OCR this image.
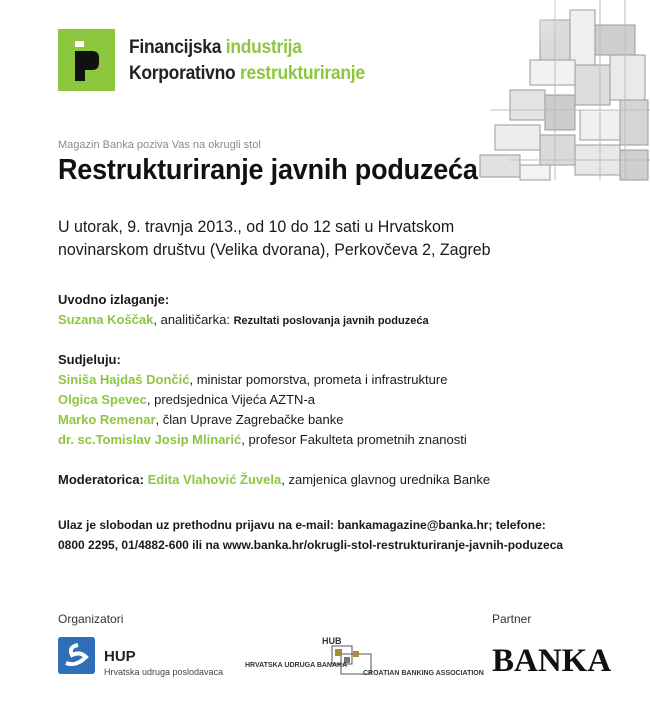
Financijska industrija
Korporativno restrukturiranje
Magazin Banka poziva Vas na okrugli stol
Restrukturiranje javnih poduzeća
U utorak, 9. travnja 2013., od 10 do 12 sati u Hrvatskom novinarskom društvu (Velika dvorana), Perkovčeva 2, Zagreb
Uvodno izlaganje:
Suzana Koščak, analitičarka: Rezultati poslovanja javnih poduzeća
Sudjeluju:
Siniša Hajdaš Dončić, ministar pomorstva, prometa i infrastrukture
Olgica Spevec, predsjednica Vijeća AZTN-a
Marko Remenar, član Uprave Zagrebačke banke
dr. sc.Tomislav Josip Mlinarić, profesor Fakulteta prometnih znanosti
Moderatorica: Edita Vlahović Žuvela, zamjenica glavnog urednika Banke
Ulaz je slobodan uz prethodnu prijavu na e-mail: bankamagazine@banka.hr; telefone:
0800 2295, 01/4882-600 ili na www.banka.hr/okrugli-stol-restrukturiranje-javnih-poduzeca
Organizatori	Partner
HUP
Hrvatska udruga poslodavaca
HUB
HRVATSKA UDRUGA BANAKA
CROATIAN BANKING ASSOCIATION BANKA
